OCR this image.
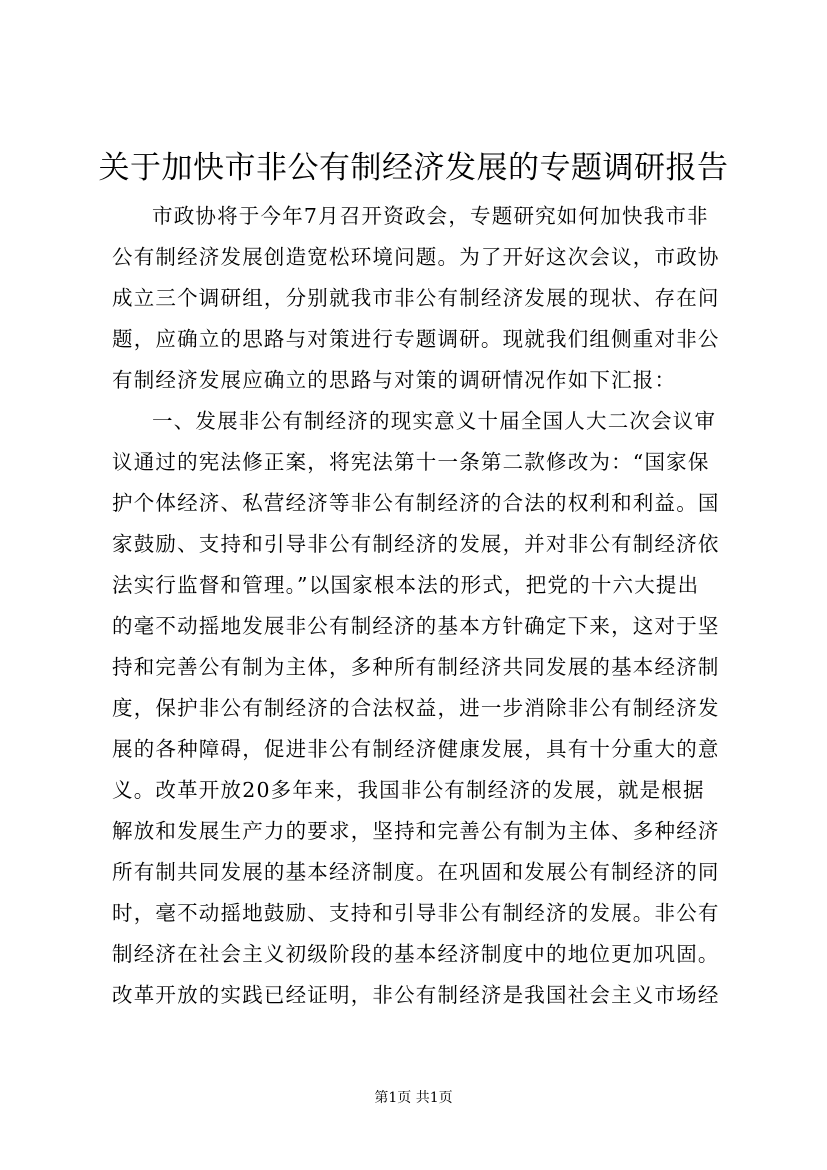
关于加快市非公有制经济发展的专题调研报告
市政协将于今年7月召开资政会，专题研究如何加快我市非
公有制经济发展创造宽松环境问题。为了开好这次会议，市政协
成立三个调研组，分别就我市非公有制经济发展的现状、存在问
题，应确立的思路与对策进行专题调研。现就我们组侧重对非公
有制经济发展应确立的思路与对策的调研情况作如下汇报：
一、发展非公有制经济的现实意义十届全国人大二次会议审
议通过的宪法修正案，将宪法第十一条第二款修改为：“国家保
护个体经济、私营经济等非公有制经济的合法的权利和利益。国
家鼓励、支持和引导非公有制经济的发展，并对非公有制经济依
法实行监督和管理。”以国家根本法的形式，把党的十六大提出
的毫不动摇地发展非公有制经济的基本方针确定下来，这对于坚
持和完善公有制为主体，多种所有制经济共同发展的基本经济制
度，保护非公有制经济的合法权益，进一步消除非公有制经济发
展的各种障碍，促进非公有制经济健康发展，具有十分重大的意
义。改革开放20多年来，我国非公有制经济的发展，就是根据
解放和发展生产力的要求，坚持和完善公有制为主体、多种经济
所有制共同发展的基本经济制度。在巩固和发展公有制经济的同
时，毫不动摇地鼓励、支持和引导非公有制经济的发展。非公有
制经济在社会主义初级阶段的基本经济制度中的地位更加巩固。
改革开放的实践已经证明，非公有制经济是我国社会主义市场经
第1页 共1页
